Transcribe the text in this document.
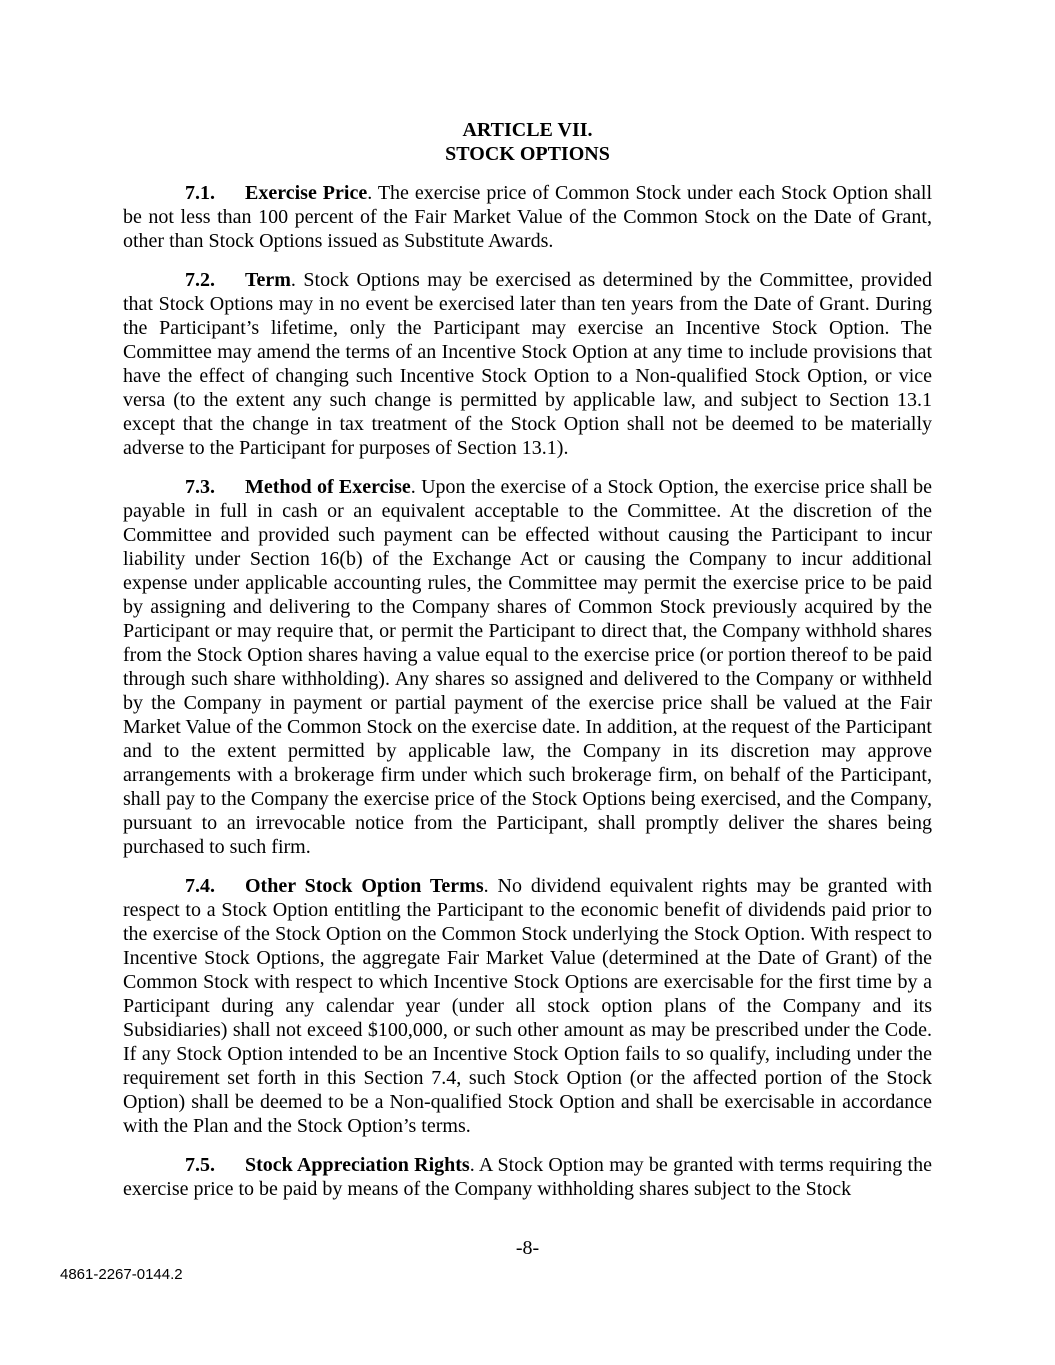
ARTICLE VII.
STOCK OPTIONS

7.1. Exercise Price. The exercise price of Common Stock under each Stock Option shall be not less than 100 percent of the Fair Market Value of the Common Stock on the Date of Grant, other than Stock Options issued as Substitute Awards.

7.2. Term. Stock Options may be exercised as determined by the Committee, provided that Stock Options may in no event be exercised later than ten years from the Date of Grant. During the Participant’s lifetime, only the Participant may exercise an Incentive Stock Option. The Committee may amend the terms of an Incentive Stock Option at any time to include provisions that have the effect of changing such Incentive Stock Option to a Non-qualified Stock Option, or vice versa (to the extent any such change is permitted by applicable law, and subject to Section 13.1 except that the change in tax treatment of the Stock Option shall not be deemed to be materially adverse to the Participant for purposes of Section 13.1).

7.3. Method of Exercise. Upon the exercise of a Stock Option, the exercise price shall be payable in full in cash or an equivalent acceptable to the Committee. At the discretion of the Committee and provided such payment can be effected without causing the Participant to incur liability under Section 16(b) of the Exchange Act or causing the Company to incur additional expense under applicable accounting rules, the Committee may permit the exercise price to be paid by assigning and delivering to the Company shares of Common Stock previously acquired by the Participant or may require that, or permit the Participant to direct that, the Company withhold shares from the Stock Option shares having a value equal to the exercise price (or portion thereof to be paid through such share withholding). Any shares so assigned and delivered to the Company or withheld by the Company in payment or partial payment of the exercise price shall be valued at the Fair Market Value of the Common Stock on the exercise date. In addition, at the request of the Participant and to the extent permitted by applicable law, the Company in its discretion may approve arrangements with a brokerage firm under which such brokerage firm, on behalf of the Participant, shall pay to the Company the exercise price of the Stock Options being exercised, and the Company, pursuant to an irrevocable notice from the Participant, shall promptly deliver the shares being purchased to such firm.

7.4. Other Stock Option Terms. No dividend equivalent rights may be granted with respect to a Stock Option entitling the Participant to the economic benefit of dividends paid prior to the exercise of the Stock Option on the Common Stock underlying the Stock Option. With respect to Incentive Stock Options, the aggregate Fair Market Value (determined at the Date of Grant) of the Common Stock with respect to which Incentive Stock Options are exercisable for the first time by a Participant during any calendar year (under all stock option plans of the Company and its Subsidiaries) shall not exceed $100,000, or such other amount as may be prescribed under the Code. If any Stock Option intended to be an Incentive Stock Option fails to so qualify, including under the requirement set forth in this Section 7.4, such Stock Option (or the affected portion of the Stock Option) shall be deemed to be a Non-qualified Stock Option and shall be exercisable in accordance with the Plan and the Stock Option’s terms.

7.5. Stock Appreciation Rights. A Stock Option may be granted with terms requiring the exercise price to be paid by means of the Company withholding shares subject to the Stock

-8-
4861-2267-0144.2
